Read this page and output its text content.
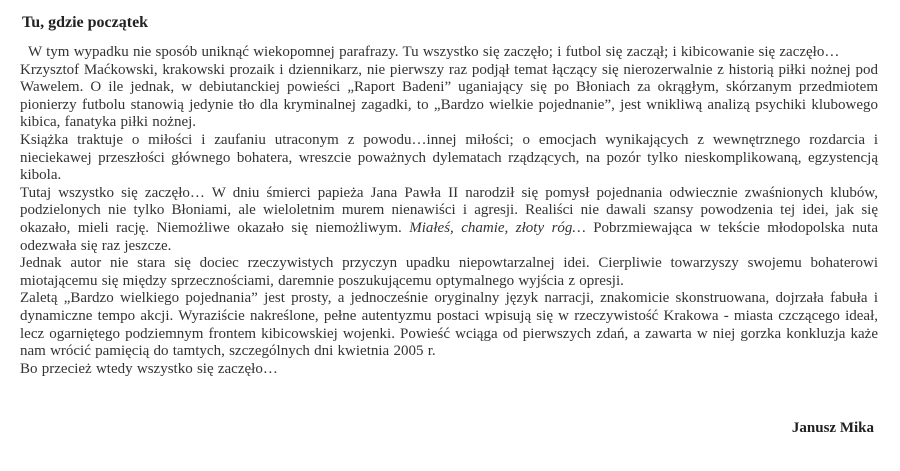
Tu, gdzie początek

W tym wypadku nie sposób uniknąć wiekopomnej parafrazy. Tu wszystko się zaczęło; i futbol się zaczął; i kibicowanie się zaczęło…

Krzysztof Maćkowski, krakowski prozaik i dziennikarz, nie pierwszy raz podjął temat łączący się nierozerwalnie z historią piłki nożnej pod Wawelem. O ile jednak, w debiutanckiej powieści „Raport Badeni” uganiający się po Błoniach za okrągłym, skórzanym przedmiotem pionierzy futbolu stanowią jedynie tło dla kryminalnej zagadki, to „Bardzo wielkie pojednanie”, jest wnikliwą analizą psychiki klubowego kibica, fanatyka piłki nożnej.

Książka traktuje o miłości i zaufaniu utraconym z powodu…innej miłości; o emocjach wynikających z wewnętrznego rozdarcia i nieciekawej przeszłości głównego bohatera, wreszcie poważnych dylematach rządzących, na pozór tylko nieskomplikowaną, egzystencją kibola.

Tutaj wszystko się zaczęło… W dniu śmierci papieża Jana Pawła II narodził się pomysł pojednania odwiecznie zwaśnionych klubów, podzielonych nie tylko Błoniami, ale wieloletnim murem nienawiści i agresji. Realiści nie dawali szansy powodzenia tej idei, jak się okazało, mieli rację. Niemożliwe okazało się niemożliwym. Miałeś, chamie, złoty róg… Pobrzmiewająca w tekście młodopolska nuta odezwała się raz jeszcze.

Jednak autor nie stara się dociec rzeczywistych przyczyn upadku niepowtarzalnej idei. Cierpliwie towarzyszy swojemu bohaterowi miotającemu się między sprzecznościami, daremnie poszukującemu optymalnego wyjścia z opresji.

Zaletą „Bardzo wielkiego pojednania” jest prosty, a jednocześnie oryginalny język narracji, znakomicie skonstruowana, dojrzała fabuła i dynamiczne tempo akcji. Wyraziście nakreślone, pełne autentyzmu postaci wpisują się w rzeczywistość Krakowa - miasta czczącego ideał, lecz ogarniętego podziemnym frontem kibicowskiej wojenki. Powieść wciąga od pierwszych zdań, a zawarta w niej gorzka konkluzja każe nam wrócić pamięcią do tamtych, szczególnych dni kwietnia 2005 r.

Bo przecież wtedy wszystko się zaczęło…

Janusz Mika
